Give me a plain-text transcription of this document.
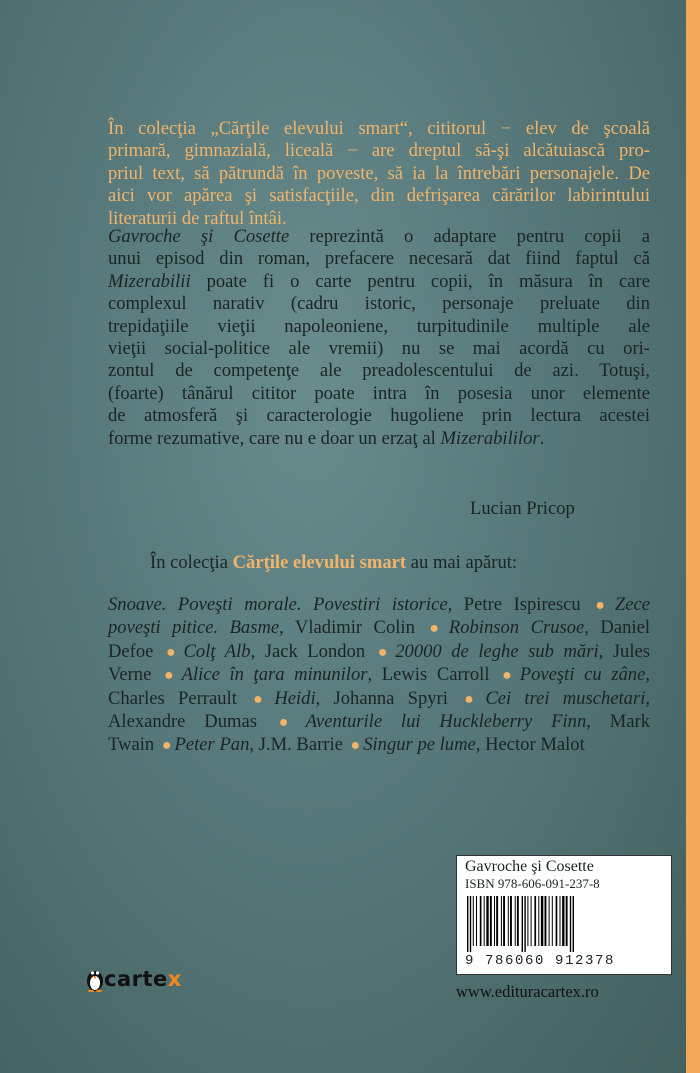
În colecţia „Cărţile elevului smart“, cititorul − elev de şcoală
primară, gimnazială, liceală − are dreptul să-şi alcătuiască pro-
priul text, să pătrundă în poveste, să ia la întrebări personajele. De
aici vor apărea şi satisfacţiile, din defrişarea cărărilor labirintului
literaturii de raftul întâi.
Gavroche şi Cosette reprezintă o adaptare pentru copii a
unui episod din roman, prefacere necesară dat fiind faptul că
Mizerabilii poate fi o carte pentru copii, în măsura în care
complexul narativ (cadru istoric, personaje preluate din
trepidaţiile vieţii napoleoniene, turpitudinile multiple ale
vieţii social-politice ale vremii) nu se mai acordă cu ori-
zontul de competenţe ale preadolescentului de azi. Totuşi,
(foarte) tânărul cititor poate intra în posesia unor elemente
de atmosferă şi caracterologie hugoliene prin lectura acestei
forme rezumative, care nu e doar un erzaţ al Mizerabililor.
Lucian Pricop
În colecţia Cărţile elevului smart au mai apărut:
Snoave. Poveşti morale. Povestiri istorice, Petre Ispirescu ● Zece
poveşti pitice. Basme, Vladimir Colin ● Robinson Crusoe, Daniel
Defoe ● Colţ Alb, Jack London ● 20000 de leghe sub mări, Jules
Verne ● Alice în ţara minunilor, Lewis Carroll ● Poveşti cu zâne,
Charles Perrault ● Heidi, Johanna Spyri ● Cei trei muschetari,
Alexandre Dumas ● Aventurile lui Huckleberry Finn, Mark
Twain ● Peter Pan, J.M. Barrie ● Singur pe lume, Hector Malot
cartex
Gavroche şi Cosette
ISBN 978-606-091-237-8
9 786060 912378
www.edituracartex.ro
